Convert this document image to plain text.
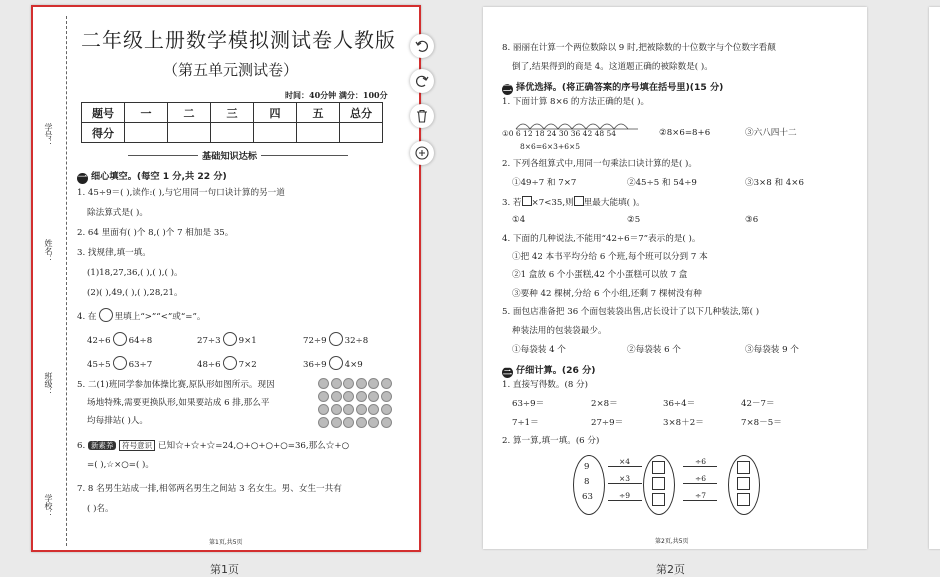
学号：
姓名：
班级：
学校：
二年级上册数学模拟测试卷人教版
（第五单元测试卷）
时间：40分钟 满分：100分
题号	一	二	三	四	五	总分
得分						
基础知识达标
一 细心填空。(每空 1 分,共 22 分)
1. 45÷9＝( ),读作:( ),与它用同一句口诀计算的另一道
除法算式是( )。
2. 64 里面有( )个 8,( )个 7 相加是 35。
3. 找规律,填一填。
(1)18,27,36,( ),( ),( )。
(2)( ),49,( ),( ),28,21。
4. 在 里填上“>”“<”或“=”。
42÷6 64÷8	27÷3 9×1	72÷9 32÷8
45÷5 63÷7	48÷6 7×2	36÷9 4×9
5. 二(1)班同学参加体操比赛,原队形如图所示。现因
场地特殊,需要更换队形,如果要站成 6 排,那么平
均每排站( )人。
6. 新素养 符号意识 已知☆+☆+☆=24,○+○+○+○=36,那么☆+○
=( ),☆×○=( )。
7. 8 名男生站成一排,相邻两名男生之间站 3 名女生。男、女生一共有
( )名。
第1页,共5页
8. 丽丽在计算一个两位数除以 9 时,把被除数的十位数字与个位数字看颠
倒了,结果得到的商是 4。这道题正确的被除数是( )。
二 择优选择。(将正确答案的序号填在括号里)(15 分)
1. 下面计算 8×6 的方法正确的是( )。
①0 6 12 18 24 30 36 42 48 54
8×6=6×3+6×5
②8×6=8+6	③六八四十二
2. 下列各组算式中,用同一句乘法口诀计算的是( )。
①49÷7 和 7×7	②45÷5 和 54÷9	③3×8 和 4×6
3. 若 ×7<35,则 里最大能填( )。
①4	②5	③6
4. 下面的几种说法,不能用“42÷6＝7”表示的是( )。
①把 42 本书平均分给 6 个班,每个班可以分到 7 本
②1 盒放 6 个小蛋糕,42 个小蛋糕可以放 7 盒
③要种 42 棵树,分给 6 个小组,还剩 7 棵树没有种
5. 面包店准备把 36 个面包装袋出售,店长设计了以下几种装法,第( )
种装法用的包装袋最少。
①每袋装 4 个	②每袋装 6 个	③每袋装 9 个
三 仔细计算。(26 分)
1. 直接写得数。(8 分)
63÷9＝	2×8＝	36÷4＝	42－7＝
7÷1＝	27÷9＝	3×8＋2＝	7×8－5＝
2. 算一算,填一填。(6 分)
9
8
63
×4
×3
÷9
÷6
÷6
÷7
第2页,共5页
第1页	第2页
